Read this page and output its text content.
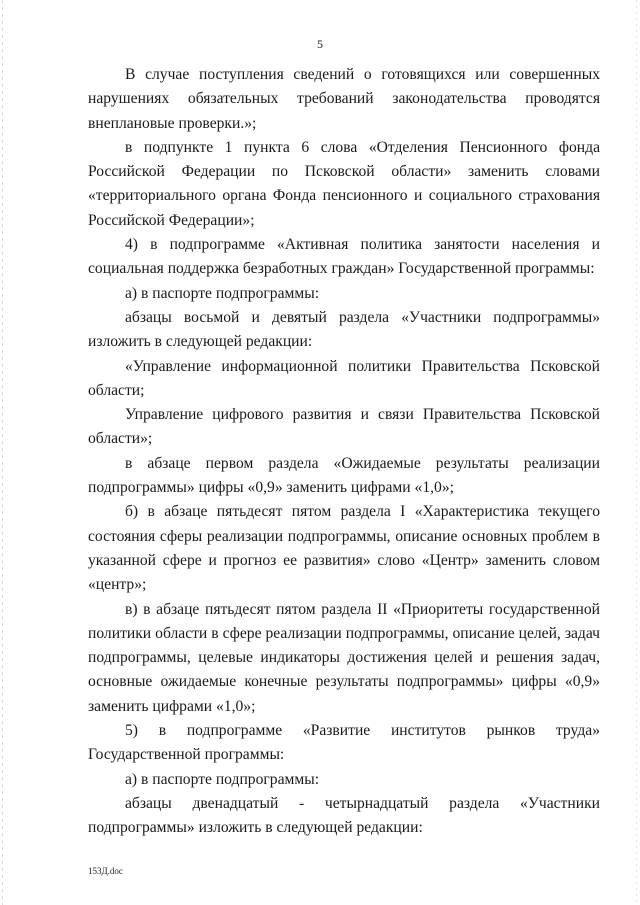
5

В случае поступления сведений о готовящихся или совершенных нарушениях обязательных требований законодательства проводятся внеплановые проверки.»;

в подпункте 1 пункта 6 слова «Отделения Пенсионного фонда Российской Федерации по Псковской области» заменить словами «территориального органа Фонда пенсионного и социального страхования Российской Федерации»;

4) в подпрограмме «Активная политика занятости населения и социальная поддержка безработных граждан» Государственной программы:

а) в паспорте подпрограммы:

абзацы восьмой и девятый раздела «Участники подпрограммы» изложить в следующей редакции:

«Управление информационной политики Правительства Псковской области;

Управление цифрового развития и связи Правительства Псковской области»;

в абзаце первом раздела «Ожидаемые результаты реализации подпрограммы» цифры «0,9» заменить цифрами «1,0»;

б) в абзаце пятьдесят пятом раздела I «Характеристика текущего состояния сферы реализации подпрограммы, описание основных проблем в указанной сфере и прогноз ее развития» слово «Центр» заменить словом «центр»;

в) в абзаце пятьдесят пятом раздела II «Приоритеты государственной политики области в сфере реализации подпрограммы, описание целей, задач подпрограммы, целевые индикаторы достижения целей и решения задач, основные ожидаемые конечные результаты подпрограммы» цифры «0,9» заменить цифрами «1,0»;

5) в подпрограмме «Развитие институтов рынков труда» Государственной программы:

а) в паспорте подпрограммы:

абзацы двенадцатый - четырнадцатый раздела «Участники подпрограммы» изложить в следующей редакции:

153Д.doc
